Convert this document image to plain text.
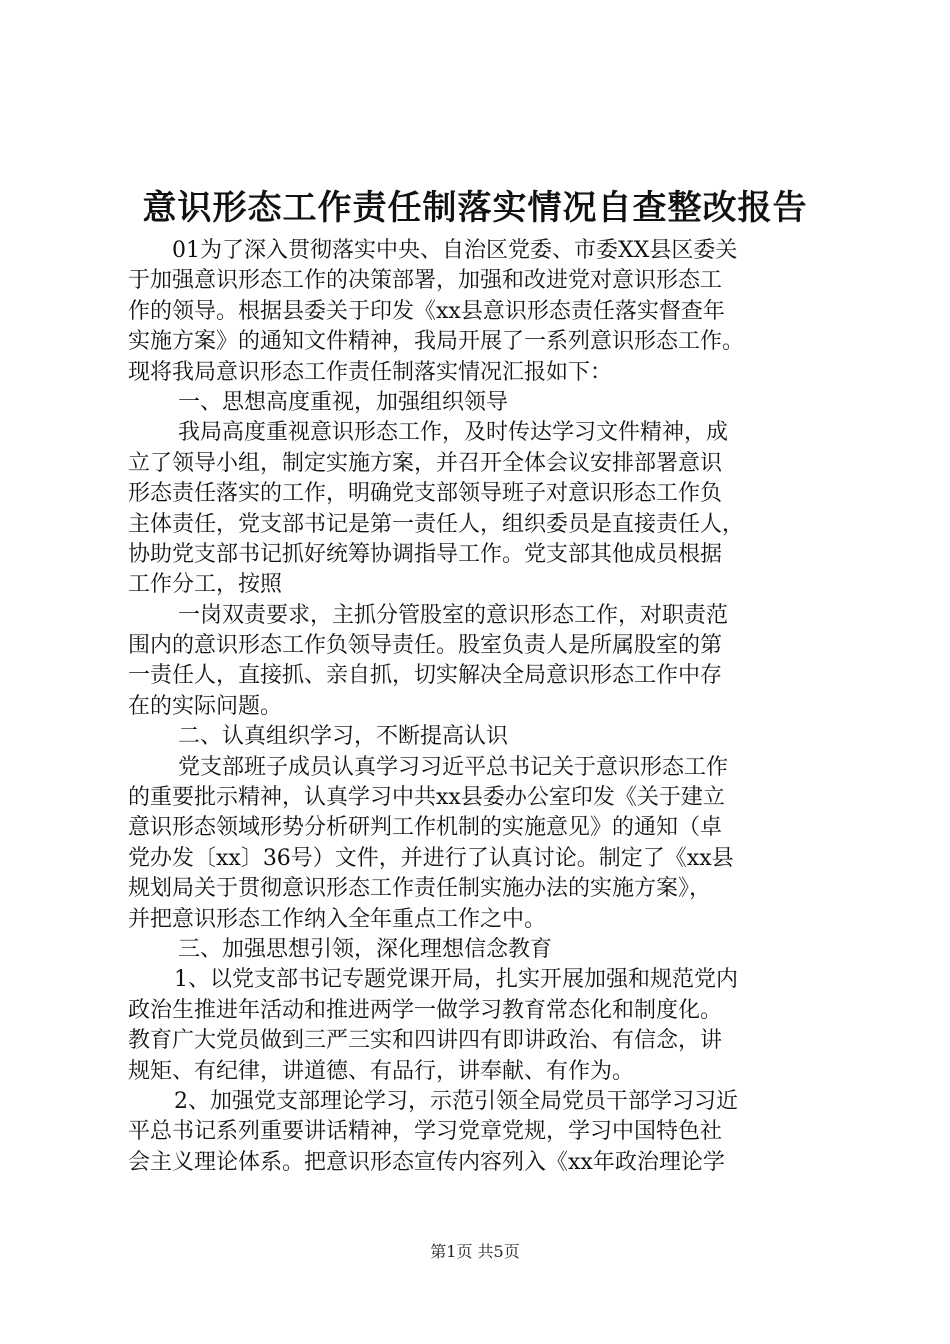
意识形态工作责任制落实情况自查整改报告
01为了深入贯彻落实中央、自治区党委、市委XX县区委关
于加强意识形态工作的决策部署，加强和改进党对意识形态工
作的领导。根据县委关于印发《xx县意识形态责任落实督查年
实施方案》的通知文件精神，我局开展了一系列意识形态工作。
现将我局意识形态工作责任制落实情况汇报如下：
一、思想高度重视，加强组织领导
我局高度重视意识形态工作，及时传达学习文件精神，成
立了领导小组，制定实施方案，并召开全体会议安排部署意识
形态责任落实的工作，明确党支部领导班子对意识形态工作负
主体责任，党支部书记是第一责任人，组织委员是直接责任人，
协助党支部书记抓好统筹协调指导工作。党支部其他成员根据
工作分工，按照
一岗双责要求，主抓分管股室的意识形态工作，对职责范
围内的意识形态工作负领导责任。股室负责人是所属股室的第
一责任人，直接抓、亲自抓，切实解决全局意识形态工作中存
在的实际问题。
二、认真组织学习，不断提高认识
党支部班子成员认真学习习近平总书记关于意识形态工作
的重要批示精神，认真学习中共xx县委办公室印发《关于建立
意识形态领域形势分析研判工作机制的实施意见》的通知（卓
党办发〔xx〕36号）文件，并进行了认真讨论。制定了《xx县
规划局关于贯彻意识形态工作责任制实施办法的实施方案》，
并把意识形态工作纳入全年重点工作之中。
三、加强思想引领，深化理想信念教育
1、以党支部书记专题党课开局，扎实开展加强和规范党内
政治生推进年活动和推进两学一做学习教育常态化和制度化。
教育广大党员做到三严三实和四讲四有即讲政治、有信念，讲
规矩、有纪律，讲道德、有品行，讲奉献、有作为。
2、加强党支部理论学习，示范引领全局党员干部学习习近
平总书记系列重要讲话精神，学习党章党规，学习中国特色社
会主义理论体系。把意识形态宣传内容列入《xx年政治理论学
第1页 共5页
